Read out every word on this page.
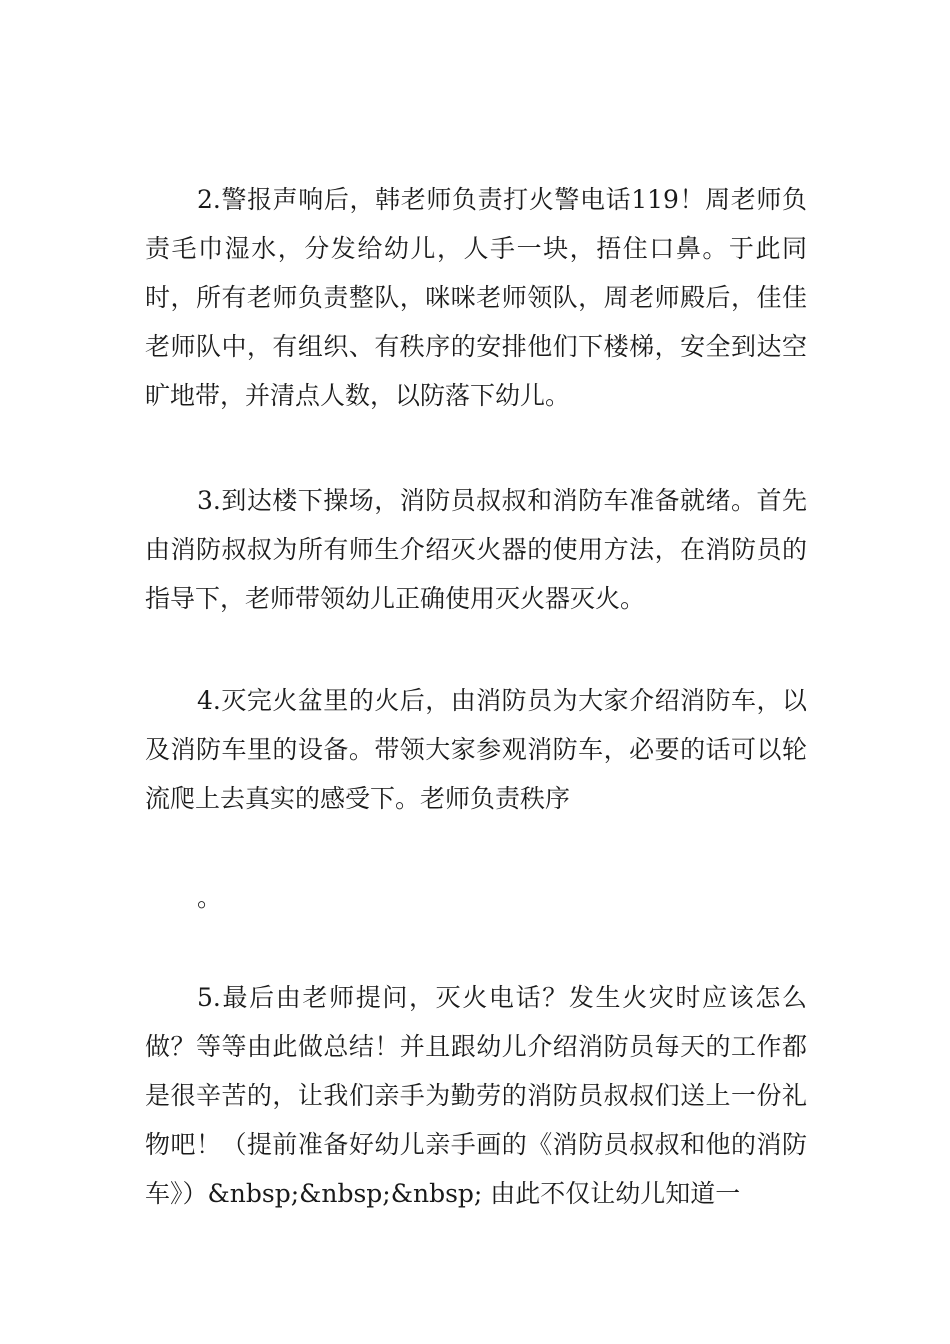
2.警报声响后，韩老师负责打火警电话119！周老师负责毛巾湿水，分发给幼儿，人手一块，捂住口鼻。于此同时，所有老师负责整队，咪咪老师领队，周老师殿后，佳佳老师队中，有组织、有秩序的安排他们下楼梯，安全到达空旷地带，并清点人数，以防落下幼儿。

3.到达楼下操场，消防员叔叔和消防车准备就绪。首先由消防叔叔为所有师生介绍灭火器的使用方法，在消防员的指导下，老师带领幼儿正确使用灭火器灭火。

4.灭完火盆里的火后，由消防员为大家介绍消防车，以及消防车里的设备。带领大家参观消防车，必要的话可以轮流爬上去真实的感受下。老师负责秩序

。

5.最后由老师提问，灭火电话？发生火灾时应该怎么做？等等由此做总结！并且跟幼儿介绍消防员每天的工作都是很辛苦的，让我们亲手为勤劳的消防员叔叔们送上一份礼物吧！（提前准备好幼儿亲手画的《消防员叔叔和他的消防车》）&nbsp;&nbsp;&nbsp; 由此不仅让幼儿知道一
